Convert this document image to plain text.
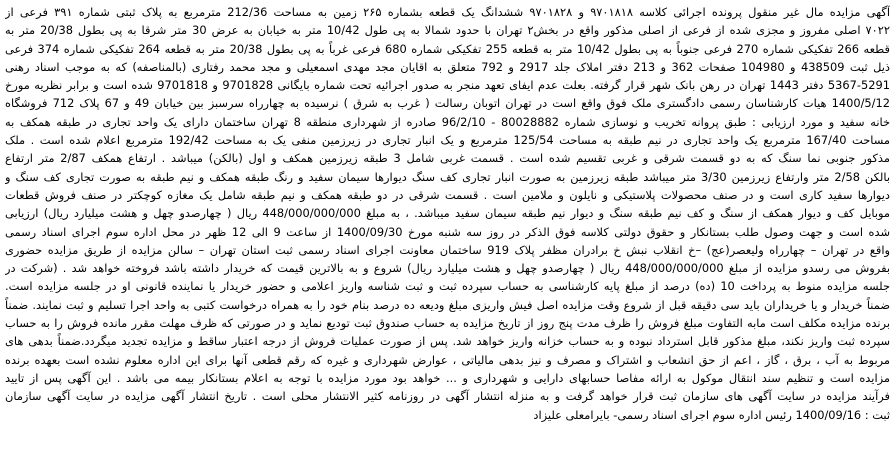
آگهی مزایده مال غیر منقول پرونده اجرائی کلاسه ۹۷۰۱۸۱۸ و ۹۷۰۱۸۲۸ ششدانگ یک قطعه بشماره ۲۶۵ زمین به مساحت 212/36 مترمربع به پلاک ثبتی شماره ۳۹۱ فرعی از
۷۰۲۲ اصلی مفروز و مجزی شده از فرعی از اصلی مذکور واقع در بخش۲ تهران با حدود شمالا به پی طول 10/42 متر به خیابان به عرض 30 متر شرقا به پی بطول 20/38 متر به
قطعه 266 تفکیکی شماره 270 فرعی جنوباً به پی بطول 10/42 متر به قطعه 255 تفکیکی شماره 680 فرعی غرباً به پی بطول 20/38 متر به قطعه 264 تفکیکی شماره 374 فرعی
ذیل ثبت 438509 و 104980 صفحات 362 و 213 دفتر املاک جلد 2917 و 792 متعلق به اقایان مجد مهدی اسمعیلی و مجد محمد رفتاری (بالمناصفه) که به موجب اسناد رهنی
5367-5291 دفتر 1443 تهران در رهن بانک شهر قرار گرفته. بعلت عدم ایفای تعهد منجر به صدور اجرائیه تحت شماره بایگانی 9701828 و 9701818 شده است و برابر نظریه مورخ
1400/5/12 هیات کارشناسان رسمی دادگستری ملک فوق واقع است در تهران اتوبان رسالت ( غرب به شرق ) نرسیده به چهارراه سرسبز بین خیابان 49 و 67 پلاک 712 فروشگاه
خانه سفید و مورد ارزیابی : طبق پروانه تخریب و نوسازی شماره 80028882 - 96/2/10 صادره از شهرداری منطقه 8 تهران ساختمان دارای یک واحد تجاری در طبقه همکف به
مساحت 167/40 مترمربع یک واحد تجاری در نیم طبقه به مساحت 125/54 مترمربع و یک انبار تجاری در زیرزمین منفی یک به مساحت 192/42 مترمربع اعلام شده است . ملک
مذکور جنوبی نما سنگ که به دو قسمت شرقی و غربی تقسیم شده است . قسمت غربی شامل 3 طبقه زیرزمین همکف و اول (بالکن) میباشد . ارتفاع همکف 2/87 متر ارتفاع
بالکن 2/58 متر وارتفاع زیرزمین 3/30 متر میباشد طبقه زیرزمین به صورت انبار تجاری کف سنگ دیوارها سیمان سفید و رنگ طبقه همکف و نیم طبقه به صورت تجاری کف سنگ و
دیوارها سفید کاری است و در صنف محصولات پلاستیکی و نایلون و ملامین است . قسمت شرقی در دو طبقه همکف و نیم طبقه شامل یک مغازه کوچکتر در صنف فروش قطعات
موبایل کف و دیوار همکف از سنگ و کف نیم طبقه سنگ و دیوار نیم طبقه سیمان سفید میباشد. ، به مبلغ 448/000/000/000 ریال ( چهارصدو چهل و هشت میلیارد ریال) ارزیابی
شده است و جهت وصول طلب بستانکار و حقوق دولتی کلاسه فوق الذکر در روز سه شنبه مورخ 1400/09/30 از ساعت 9 الی 12 ظهر در محل اداره سوم اجرای اسناد رسمی
واقع در تهران – چهارراه ولیعصر(عج) –خ انقلاب نبش خ برادران مظفر پلاک 919 ساختمان معاونت اجرای اسناد رسمی ثبت استان تهران – سالن مزایده از طریق مزایده حضوری
بفروش می رسدو مزایده از مبلغ 448/000/000/000 ریال ( چهارصدو چهل و هشت میلیارد ریال) شروع و به بالاترین قیمت که خریدار داشته باشد فروخته خواهد شد . (شرکت در
جلسه مزایده منوط به پرداخت 10 (ده) درصد از مبلغ پایه کارشناسی به حساب سپرده ثبت و ثبت شناسه واریز اعلامی و حضور خریدار یا نماینده قانونی او در جلسه مزایده است.
ضمناً خریدار و یا خریداران باید سی دقیقه قبل از شروع وقت مزایده اصل فیش واریزی مبلغ ودیعه ده درصد بنام خود را به همراه درخواست کتبی به واحد اجرا تسلیم و ثبت نمایند. ضمناً
برنده مزایده مکلف است مابه التفاوت مبلغ فروش را ظرف مدت پنج روز از تاریخ مزایده به حساب صندوق ثبت تودیع نماید و در صورتی که ظرف مهلت مقرر مانده فروش را به حساب
سپرده ثبت واریز نکند، مبلغ مذکور قابل استرداد نبوده و به حساب خزانه واریز خواهد شد. پس از صورت عملیات فروش از درجه اعتبار ساقط و مزایده تجدید میگردد.ضمناً بدهی های
مربوط به آب ، برق ، گاز ، اعم از حق انشعاب و اشتراک و مصرف و نیز بدهی مالیاتی ، عوارض شهرداری و غیره که رقم قطعی آنها برای این اداره معلوم نشده است بعهده برنده
مزایده است و تنظیم سند انتقال موکول به ارائه مفاصا حسابهای دارایی و شهرداری و ... خواهد بود مورد مزایده با توجه به اعلام بستانکار بیمه می باشد . این آگهی پس از تایید
فرآیند مزایده در سایت آگهی های سازمان ثبت قرار خواهد گرفت و به منزله انتشار آگهی در روزنامه کثیر الانتشار محلی است . تاریخ انتشار آگهی مزایده در سایت آگهی سازمان
ثبت : 1400/09/16 رئیس اداره سوم اجرای اسناد رسمی- بایرامعلی علیزاد
